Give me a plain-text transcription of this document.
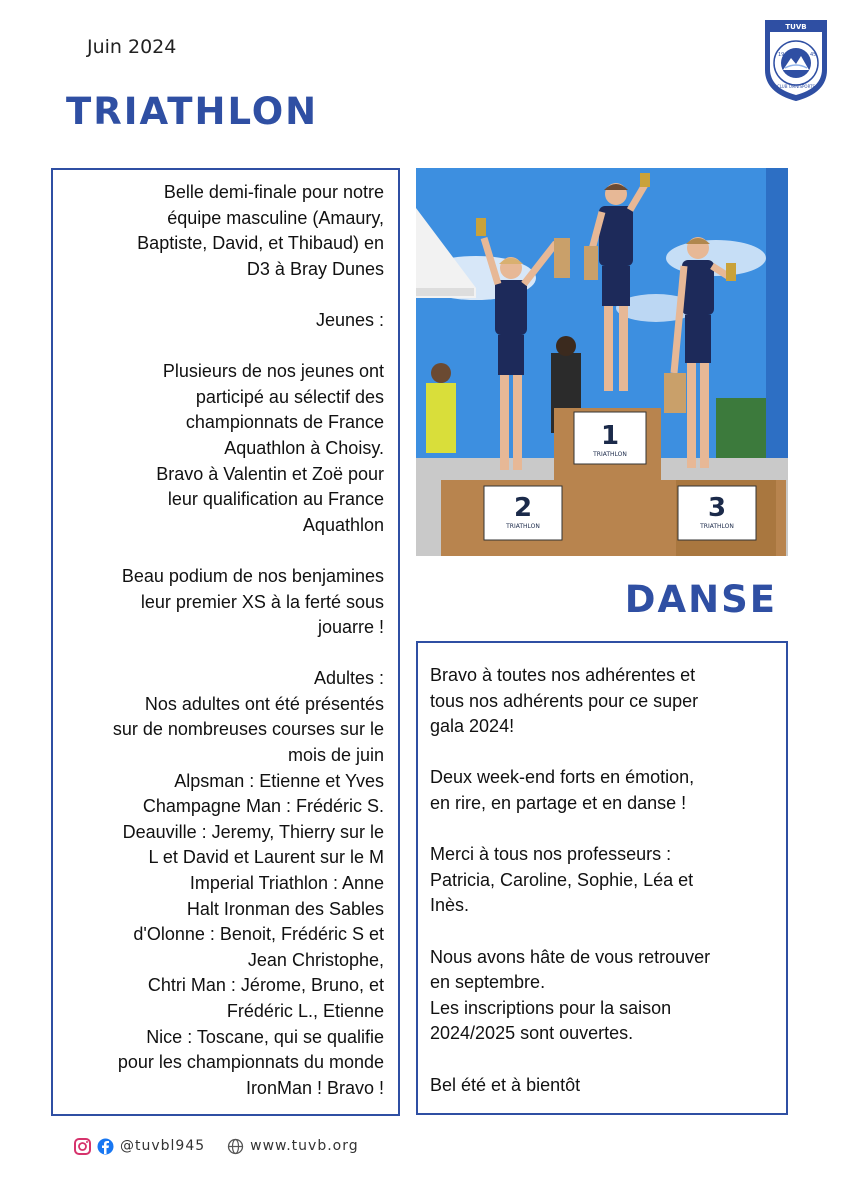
Juin 2024
TUVB
19	45
CLUB OMNISPORTS
TRIATHLON

Belle demi-finale pour notre
équipe masculine (Amaury,
Baptiste, David, et Thibaud) en
D3 à Bray Dunes

Jeunes :

Plusieurs de nos jeunes ont
participé au sélectif des
championnats de France
Aquathlon à Choisy.
Bravo à Valentin et Zoë pour
leur qualification au France
Aquathlon

Beau podium de nos benjamines
leur premier XS à la ferté sous
jouarre !

Adultes :
Nos adultes ont été présentés
sur de nombreuses courses sur le
mois de juin
Alpsman : Etienne et Yves
Champagne Man : Frédéric S.
Deauville : Jeremy, Thierry sur le
L et David et Laurent sur le M
Imperial Triathlon : Anne
Halt Ironman des Sables
d'Olonne : Benoit, Frédéric S et
Jean Christophe,
Chtri Man : Jérome, Bruno, et
Frédéric L., Etienne
Nice : Toscane, qui se qualifie
pour les championnats du monde
IronMan ! Bravo !

1
2	3
TRIATHLON
TRIATHLON	TRIATHLON
DANSE

Bravo à toutes nos adhérentes et
tous nos adhérents pour ce super
gala 2024!

Deux week-end forts en émotion,
en rire, en partage et en danse !

Merci à tous nos professeurs :
Patricia, Caroline, Sophie, Léa et
Inès.

Nous avons hâte de vous retrouver
en septembre.
Les inscriptions pour la saison
2024/2025 sont ouvertes.

Bel été et à bientôt

@tuvbl945	www.tuvb.org
